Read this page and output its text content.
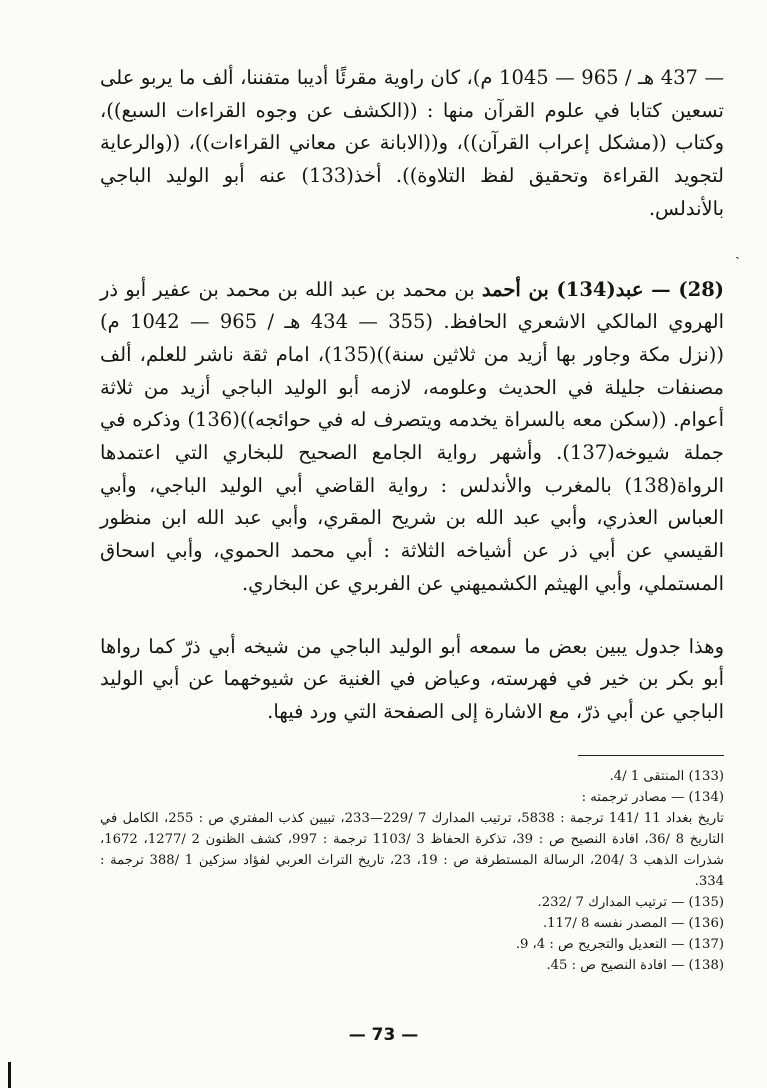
ˏ

— 437 هـ / 965 — 1045 م)، كان راوية مقرئًا أديبا متفننا، ألف ما يربو على تسعين كتابا في علوم القرآن منها : ((الكشف عن وجوه القراءات السبع))، وكتاب ((مشكل إعراب القرآن))، و((الابانة عن معاني القراءات))، ((والرعاية لتجويد القراءة وتحقيق لفظ التلاوة)). أخذ(133) عنه أبو الوليد الباجي بالأندلس.

(28) — عبد(134) بن أحمد بن محمد بن عبد الله بن محمد بن عفير أبو ذر الهروي المالكي الاشعري الحافظ. (355 — 434 هـ / 965 — 1042 م) ((نزل مكة وجاور بها أزيد من ثلاثين سنة))(135)، امام ثقة ناشر للعلم، ألف مصنفات جليلة في الحديث وعلومه، لازمه أبو الوليد الباجي أزيد من ثلاثة أعوام. ((سكن معه بالسراة يخدمه ويتصرف له في حوائجه))(136) وذكره في جملة شيوخه(137). وأشهر رواية الجامع الصحيح للبخاري التي اعتمدها الرواة(138) بالمغرب والأندلس : رواية القاضي أبي الوليد الباجي، وأبي العباس العذري، وأبي عبد الله بن شريح المقري، وأبي عبد الله ابن منظور القيسي عن أبي ذر عن أشياخه الثلاثة : أبي محمد الحموي، وأبي اسحاق المستملي، وأبي الهيثم الكشميهني عن الفربري عن البخاري.

وهذا جدول يبين بعض ما سمعه أبو الوليد الباجي من شيخه أبي ذرّ كما رواها أبو بكر بن خير في فهرسته، وعياض في الغنية عن شيوخهما عن أبي الوليد الباجي عن أبي ذرّ، مع الاشارة إلى الصفحة التي ورد فيها.

(133) المنتقى 1 /4.

(134) — مصادر ترجمته :

تاريخ بغداد 11 /141 ترجمة : 5838، ترتيب المدارك 7 /229—233، تبيين كذب المفتري ص : 255، الكامل في التاريخ 8 /36، افادة النصيح ص : 39، تذكرة الحفاظ 3 /1103 ترجمة : 997، كشف الظنون 2 /1277، 1672، شذرات الذهب 3 /204، الرسالة المستطرفة ص : 19، 23، تاريخ التراث العربي لفؤاد سزكين 1 /388 ترجمة : 334.

(135) — ترتيب المدارك 7 /232.

(136) — المصدر نفسه 8 /117.

(137) — التعديل والتجريح ص : 4، 9.

(138) — افادة النصيح ص : 45.

— 73 —
